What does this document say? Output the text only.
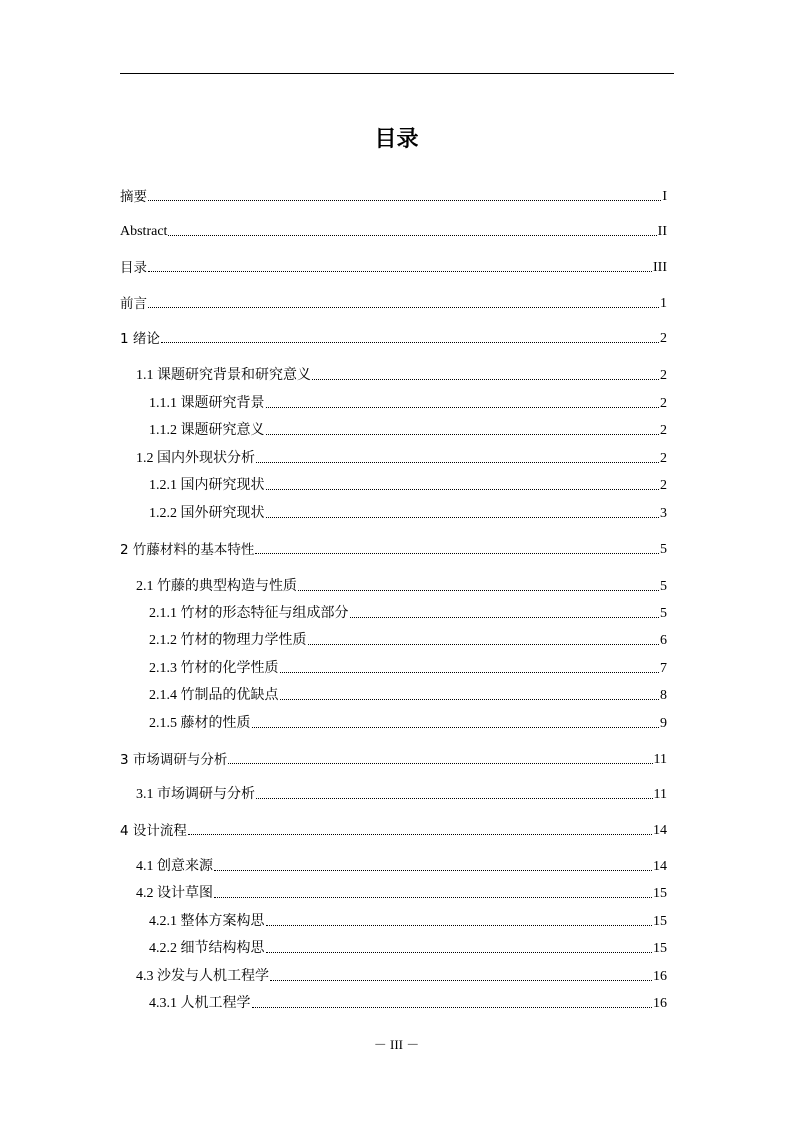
目录
摘要	I
Abstract	II
目录	III
前言	1
1 绪论	2
1.1 课题研究背景和研究意义	2
1.1.1 课题研究背景	2
1.1.2 课题研究意义	2
1.2 国内外现状分析	2
1.2.1 国内研究现状	2
1.2.2 国外研究现状	3
2 竹藤材料的基本特性	5
2.1 竹藤的典型构造与性质	5
2.1.1 竹材的形态特征与组成部分	5
2.1.2 竹材的物理力学性质	6
2.1.3 竹材的化学性质	7
2.1.4 竹制品的优缺点	8
2.1.5 藤材的性质	9
3 市场调研与分析	11
3.1 市场调研与分析	11
4 设计流程	14
4.1 创意来源	14
4.2 设计草图	15
4.2.1 整体方案构思	15
4.2.2 细节结构构思	15
4.3 沙发与人机工程学	16
4.3.1 人机工程学	16
－ III －
